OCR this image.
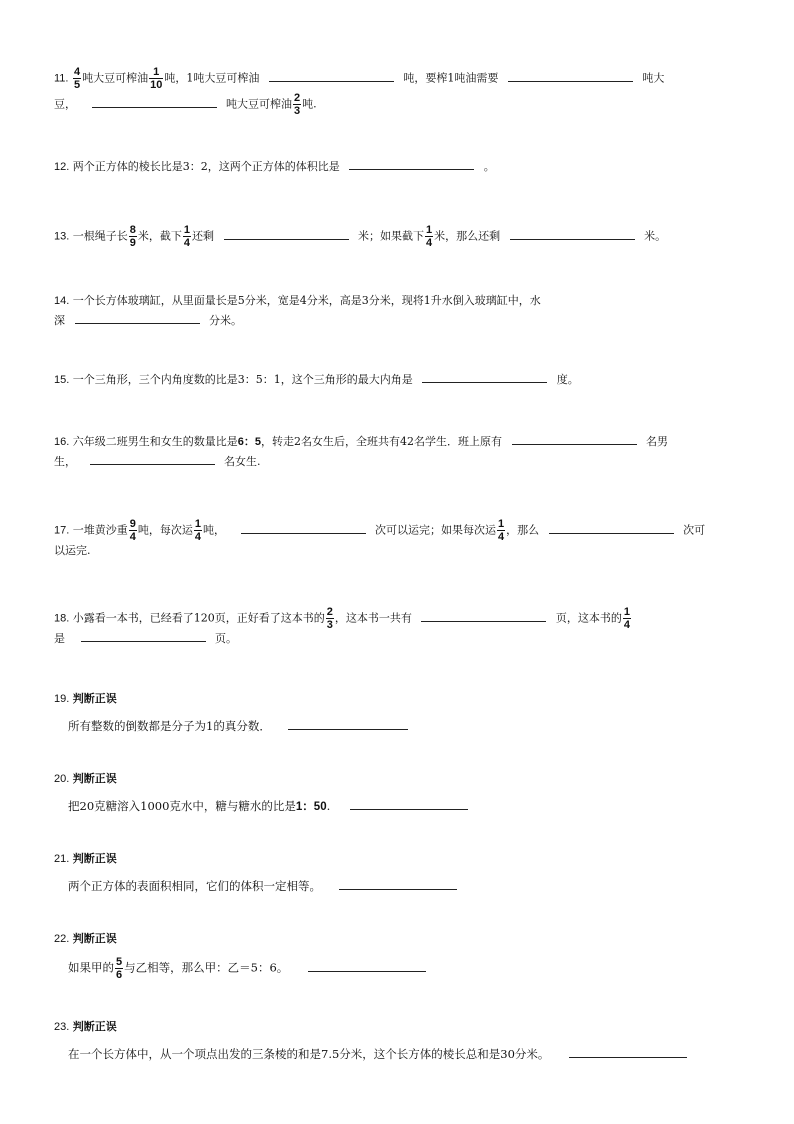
11. $\frac{4}{5}$ 吨大豆可榨油 $\frac{1}{10}$ 吨，1吨大豆可榨油	吨，要榨1吨油需要	吨大
豆，	吨大豆可榨油 $\frac{2}{3}$ 吨.
12. 两个正方体的棱长比是3：2，这两个正方体的体积比是	。
13. 一根绳子长 $\frac{8}{9}$ 米，截下 $\frac{1}{4}$ 还剩	米；如果截下 $\frac{1}{4}$ 米，那么还剩	米。
14. 一个长方体玻璃缸，从里面量长是5分米，宽是4分米，高是3分米，现将1升水倒入玻璃缸中，水
深	分米。
15. 一个三角形，三个内角度数的比是3：5：1，这个三角形的最大内角是	度。
16. 六年级二班男生和女生的数量比是6：5，转走2名女生后，全班共有42名学生．班上原有	名男
生，	名女生.
17. 一堆黄沙重 $\frac{9}{4}$ 吨，每次运 $\frac{1}{4}$ 吨，	次可以运完；如果每次运 $\frac{1}{4}$ ，那么	次可
以运完.
18. 小露看一本书，已经看了120页，正好看了这本书的 $\frac{2}{3}$ ，这本书一共有	页，这本书的 $\frac{1}{4}$
是	页。
19. 判断正误
所有整数的倒数都是分子为1的真分数．
20. 判断正误
把20克糖溶入1000克水中，糖与糖水的比是1：50.
21. 判断正误
两个正方体的表面积相同，它们的体积一定相等。
22. 判断正误
如果甲的 $\frac{5}{6}$ 与乙相等，那么甲：乙＝5：6。
23. 判断正误
在一个长方体中，从一个项点出发的三条棱的和是7.5分米，这个长方体的棱长总和是30分米。
